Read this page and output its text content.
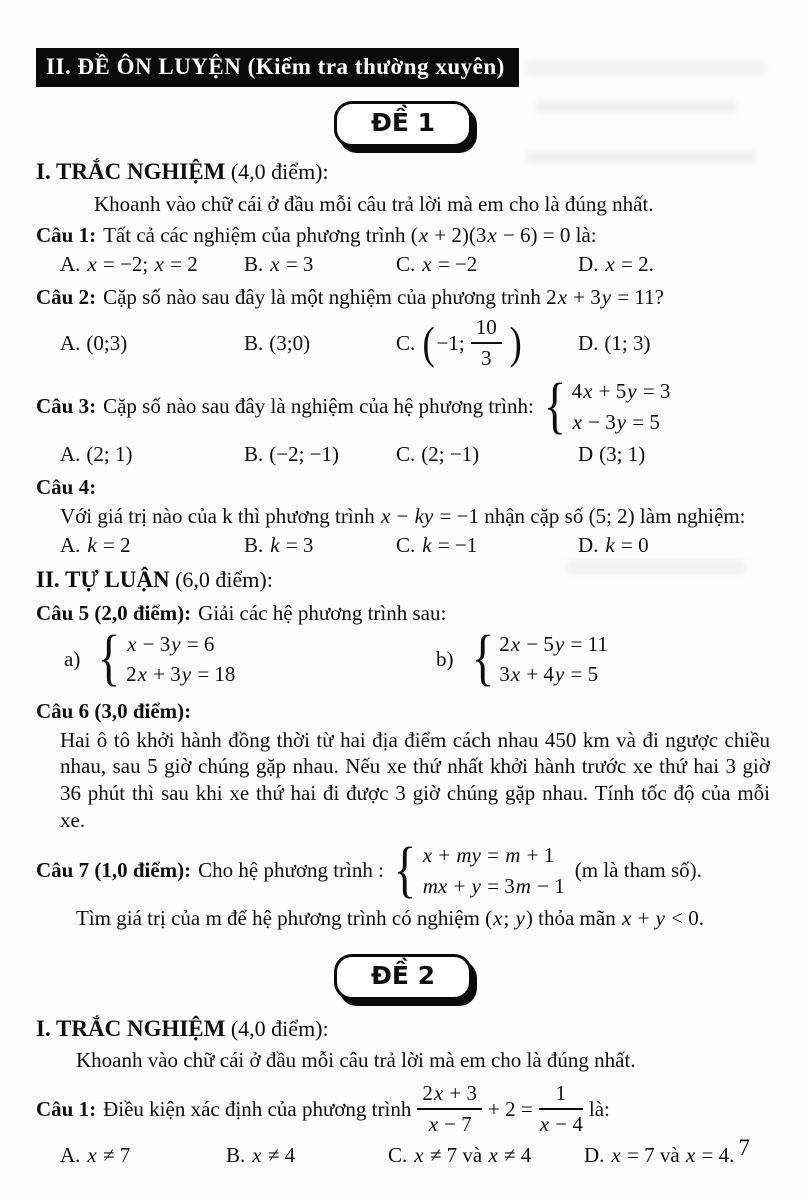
II. ĐỀ ÔN LUYỆN (Kiểm tra thường xuyên)
ĐỀ 1
I. TRẮC NGHIỆM (4,0 điểm):
Khoanh vào chữ cái ở đầu mỗi câu trả lời mà em cho là đúng nhất.
Câu 1: Tất cả các nghiệm của phương trình (x + 2)(3x − 6) = 0 là:
A. x = −2; x = 2	B. x = 3	C. x = −2	D. x = 2.
Câu 2: Cặp số nào sau đây là một nghiệm của phương trình 2x + 3y = 11?
A. (0;3)	B. (3;0)	C. ( −1; $\frac{10}{3}$ )	D. (1; 3)
Câu 3: Cặp số nào sau đây là nghiệm của hệ phương trình: { 4x + 5y = 3
x − 3y = 5
A. (2; 1)	B. (−2; −1)	C. (2; −1)	D (3; 1)
Câu 4:
Với giá trị nào của k thì phương trình x − ky = −1 nhận cặp số (5; 2) làm nghiệm:
A. k = 2	B. k = 3	C. k = −1	D. k = 0
II. TỰ LUẬN (6,0 điểm):
Câu 5 (2,0 điểm): Giải các hệ phương trình sau:
a) { x − 3y = 6
2x + 3y = 18
b) { 2x − 5y = 11
3x + 4y = 5
Câu 6 (3,0 điểm):
Hai ô tô khởi hành đồng thời từ hai địa điểm cách nhau 450 km và đi ngược chiều nhau, sau 5 giờ chúng gặp nhau. Nếu xe thứ nhất khởi hành trước xe thứ hai 3 giờ 36 phút thì sau khi xe thứ hai đi được 3 giờ chúng gặp nhau. Tính tốc độ của mỗi xe.
Câu 7 (1,0 điểm): Cho hệ phương trình : { x + my = m + 1
mx + y = 3m − 1
(m là tham số).
Tìm giá trị của m để hệ phương trình có nghiệm (x; y) thỏa mãn x + y < 0.
ĐỀ 2
I. TRẮC NGHIỆM (4,0 điểm):
Khoanh vào chữ cái ở đầu mỗi câu trả lời mà em cho là đúng nhất.
Câu 1: Điều kiện xác định của phương trình $\frac{2x + 3}{x - 7} + 2 = \frac{1}{x - 4}$ là:
A. x ≠ 7	B. x ≠ 4	C. x ≠ 7 và x ≠ 4	D. x = 7 và x = 4. 7
